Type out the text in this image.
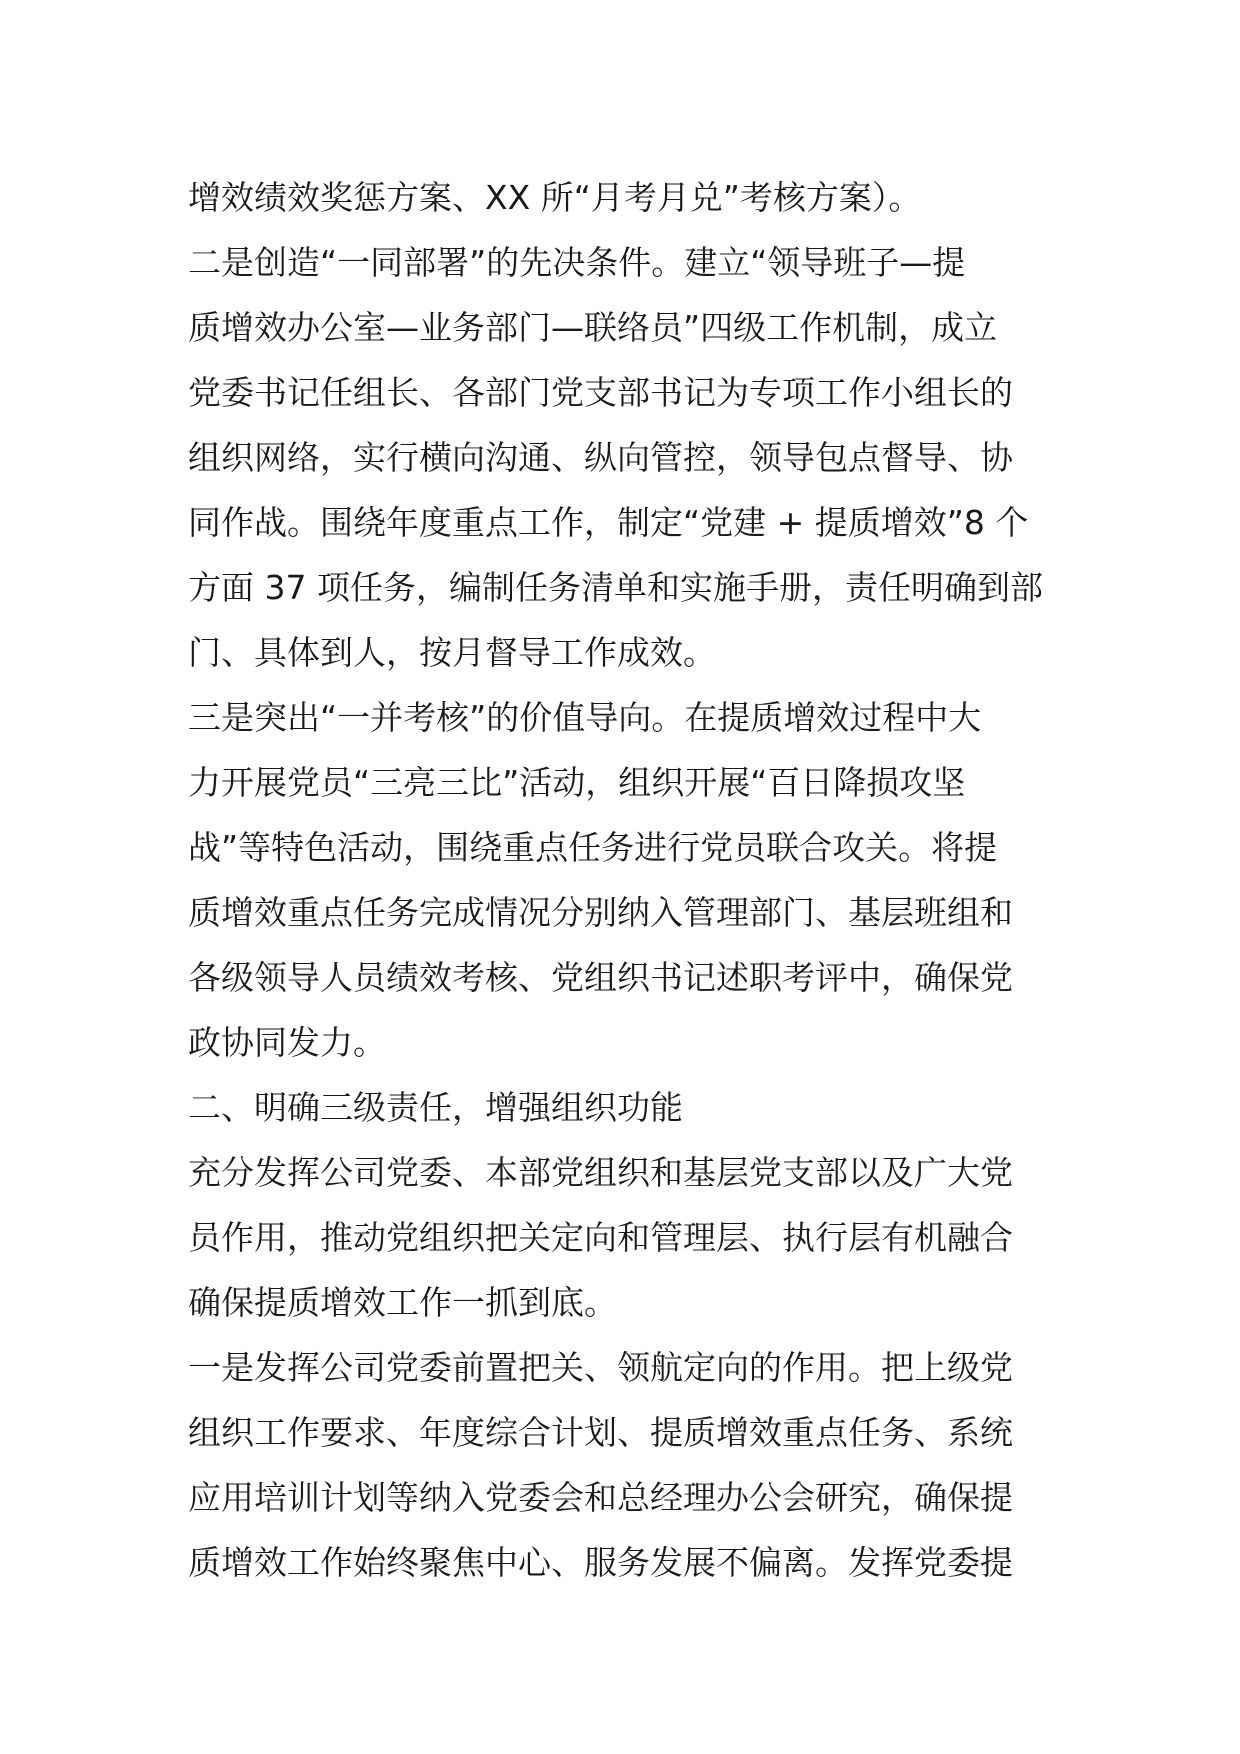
增效绩效奖惩方案、XX 所“月考月兑”考核方案）。
二是创造“一同部署”的先决条件。建立“领导班子—提
质增效办公室—业务部门—联络员”四级工作机制，成立
党委书记任组长、各部门党支部书记为专项工作小组长的
组织网络，实行横向沟通、纵向管控，领导包点督导、协
同作战。围绕年度重点工作，制定“党建 + 提质增效”8 个
方面 37 项任务，编制任务清单和实施手册，责任明确到部
门、具体到人，按月督导工作成效。
三是突出“一并考核”的价值导向。在提质增效过程中大
力开展党员“三亮三比”活动，组织开展“百日降损攻坚
战”等特色活动，围绕重点任务进行党员联合攻关。将提
质增效重点任务完成情况分别纳入管理部门、基层班组和
各级领导人员绩效考核、党组织书记述职考评中，确保党
政协同发力。
二、明确三级责任，增强组织功能
充分发挥公司党委、本部党组织和基层党支部以及广大党
员作用，推动党组织把关定向和管理层、执行层有机融合
确保提质增效工作一抓到底。
一是发挥公司党委前置把关、领航定向的作用。把上级党
组织工作要求、年度综合计划、提质增效重点任务、系统
应用培训计划等纳入党委会和总经理办公会研究，确保提
质增效工作始终聚焦中心、服务发展不偏离。发挥党委提
